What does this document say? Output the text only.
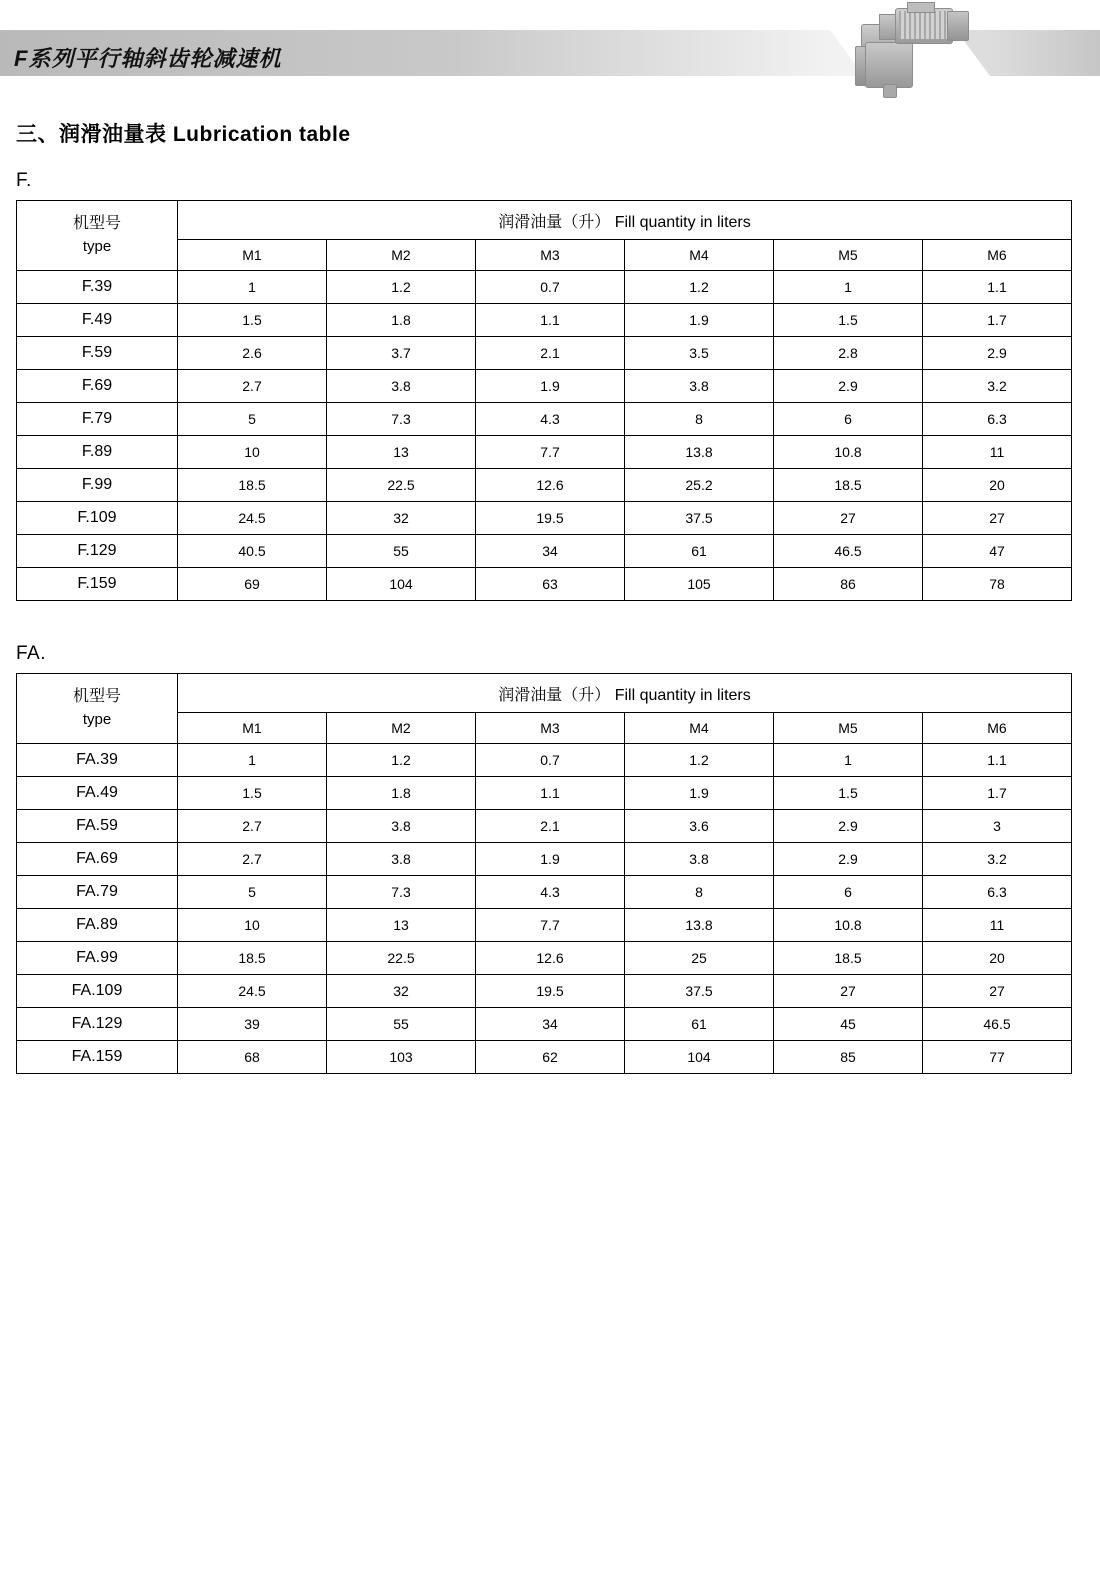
F系列平行轴斜齿轮减速机
三、润滑油量表 Lubrication table
F.
机型号
type	润滑油量（升） Fill quantity in liters					
	M1	M2	M3	M4	M5	M6
F.39	1	1.2	0.7	1.2	1	1.1
F.49	1.5	1.8	1.1	1.9	1.5	1.7
F.59	2.6	3.7	2.1	3.5	2.8	2.9
F.69	2.7	3.8	1.9	3.8	2.9	3.2
F.79	5	7.3	4.3	8	6	6.3
F.89	10	13	7.7	13.8	10.8	11
F.99	18.5	22.5	12.6	25.2	18.5	20
F.109	24.5	32	19.5	37.5	27	27
F.129	40.5	55	34	61	46.5	47
F.159	69	104	63	105	86	78
FA.
机型号
type	润滑油量（升） Fill quantity in liters					
	M1	M2	M3	M4	M5	M6
FA.39	1	1.2	0.7	1.2	1	1.1
FA.49	1.5	1.8	1.1	1.9	1.5	1.7
FA.59	2.7	3.8	2.1	3.6	2.9	3
FA.69	2.7	3.8	1.9	3.8	2.9	3.2
FA.79	5	7.3	4.3	8	6	6.3
FA.89	10	13	7.7	13.8	10.8	11
FA.99	18.5	22.5	12.6	25	18.5	20
FA.109	24.5	32	19.5	37.5	27	27
FA.129	39	55	34	61	45	46.5
FA.159	68	103	62	104	85	77
